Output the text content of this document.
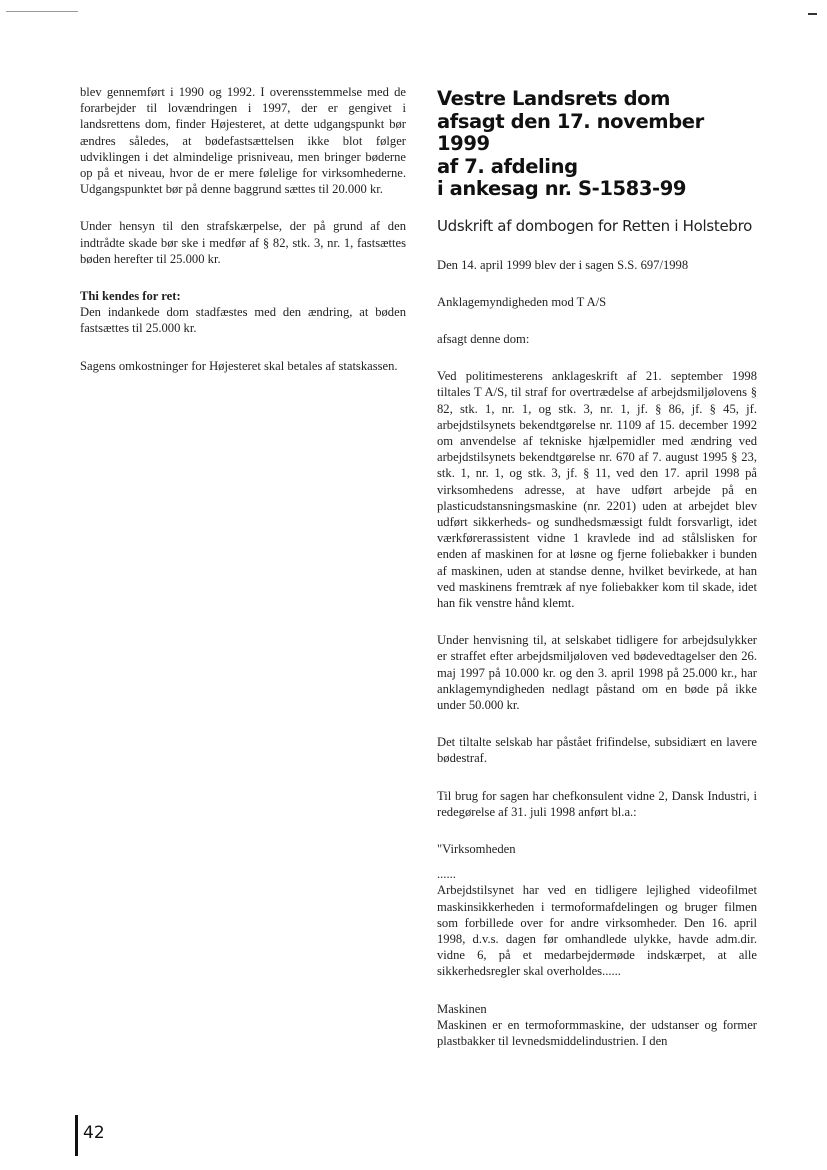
blev gennemført i 1990 og 1992. I overensstemmelse med de forarbejder til lovændringen i 1997, der er gengivet i landsrettens dom, finder Højesteret, at dette udgangspunkt bør ændres således, at bødefastsættelsen ikke blot følger udviklingen i det almindelige prisniveau, men bringer bøderne op på et niveau, hvor de er mere følelige for virksomhederne. Udgangspunktet bør på denne baggrund sættes til 20.000 kr.

Under hensyn til den strafskærpelse, der på grund af den indtrådte skade bør ske i medfør af § 82, stk. 3, nr. 1, fastsættes bøden herefter til 25.000 kr.

Thi kendes for ret:

Den indankede dom stadfæstes med den ændring, at bøden fastsættes til 25.000 kr.

Sagens omkostninger for Højesteret skal betales af statskassen.

Vestre Landsrets dom
afsagt den 17. november 1999
af 7. afdeling
i ankesag nr. S-1583-99
Udskrift af dombogen for Retten i Holstebro

Den 14. april 1999 blev der i sagen S.S. 697/1998

Anklagemyndigheden mod T A/S

afsagt denne dom:

Ved politimesterens anklageskrift af 21. september 1998 tiltales T A/S, til straf for overtrædelse af arbejdsmiljølovens § 82, stk. 1, nr. 1, og stk. 3, nr. 1, jf. § 86, jf. § 45, jf. arbejdstilsynets bekendtgørelse nr. 1109 af 15. december 1992 om anvendelse af tekniske hjælpemidler med ændring ved arbejdstilsynets bekendtgørelse nr. 670 af 7. august 1995 § 23, stk. 1, nr. 1, og stk. 3, jf. § 11, ved den 17. april 1998 på virksomhedens adresse, at have udført arbejde på en plasticudstansningsmaskine (nr. 2201) uden at arbejdet blev udført sikkerheds- og sundhedsmæssigt fuldt forsvarligt, idet værkførerassistent vidne 1 kravlede ind ad stålslisken for enden af maskinen for at løsne og fjerne foliebakker i bunden af maskinen, uden at standse denne, hvilket bevirkede, at han ved maskinens fremtræk af nye foliebakker kom til skade, idet han fik venstre hånd klemt.

Under henvisning til, at selskabet tidligere for arbejdsulykker er straffet efter arbejdsmiljøloven ved bødevedtagelser den 26. maj 1997 på 10.000 kr. og den 3. april 1998 på 25.000 kr., har anklagemyndigheden nedlagt påstand om en bøde på ikke under 50.000 kr.

Det tiltalte selskab har påstået frifindelse, subsidiært en lavere bødestraf.

Til brug for sagen har chefkonsulent vidne 2, Dansk Industri, i redegørelse af 31. juli 1998 anført bl.a.:

"Virksomheden

......

Arbejdstilsynet har ved en tidligere lejlighed videofilmet maskinsikkerheden i termoformafdelingen og bruger filmen som forbillede over for andre virksomheder. Den 16. april 1998, d.v.s. dagen før omhandlede ulykke, havde adm.dir. vidne 6, på et medarbejdermøde indskærpet, at alle sikkerhedsregler skal overholdes......

Maskinen

Maskinen er en termoformmaskine, der udstanser og former plastbakker til levnedsmiddelindustrien. I den

42
